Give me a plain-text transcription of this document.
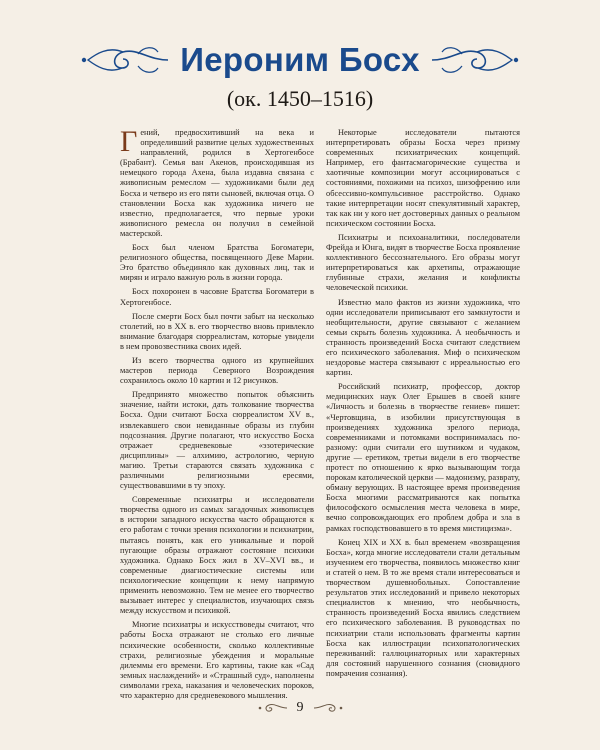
Иероним Босх
(ок. 1450–1516)

Гений, предвосхитивший на века и определивший развитие целых художественных направлений, родился в Хертогенбосе (Брабант). Семья ван Акенов, происходившая из немецкого города Ахена, была издавна связана с живописным ремеслом — художниками были дед Босха и четверо из его пяти сыновей, включая отца. О становлении Босха как художника ничего не известно, предполагается, что первые уроки живописного ремесла он получил в семейной мастерской.

Босх был членом Братства Богоматери, религиозного общества, посвященного Деве Марии. Это братство объединяло как духовных лиц, так и мирян и играло важную роль в жизни города.

Босх похоронен в часовне Братства Богоматери в Хертогенбосе.

После смерти Босх был почти забыт на несколько столетий, но в XX в. его творчество вновь привлекло внимание благодаря сюрреалистам, которые увидели в нем провозвестника своих идей.

Из всего творчества одного из крупнейших мастеров периода Северного Возрождения сохранилось около 10 картин и 12 рисунков.

Предпринято множество попыток объяснить значение, найти истоки, дать толкование творчества Босха. Одни считают Босха сюрреалистом XV в., извлекавшего свои невиданные образы из глубин подсознания. Другие полагают, что искусство Босха отражает средневековые «эзотерические дисциплины» — алхимию, астрологию, черную магию. Третьи стараются связать художника с различными религиозными ересями, существовавшими в ту эпоху.

Современные психиатры и исследователи творчества одного из самых загадочных живописцев в истории западного искусства часто обращаются к его работам с точки зрения психологии и психиатрии, пытаясь понять, как его уникальные и порой пугающие образы отражают состояние психики художника. Однако Босх жил в XV–XVI вв., и современные диагностические системы или психологические концепции к нему напрямую применить невозможно. Тем не менее его творчество вызывает интерес у специалистов, изучающих связь между искусством и психикой.

Многие психиатры и искусствоведы считают, что работы Босха отражают не столько его личные психические особенности, сколько коллективные страхи, религиозные убеждения и моральные дилеммы его времени. Его картины, такие как «Сад земных наслаждений» и «Страшный суд», наполнены символами греха, наказания и человеческих пороков, что характерно для средневекового мышления.

Некоторые исследователи пытаются интерпретировать образы Босха через призму современных психиатрических концепций. Например, его фантасмагорические существа и хаотичные композиции могут ассоциироваться с состояниями, похожими на психоз, шизофрению или обсессивно-компульсивное расстройство. Однако такие интерпретации носят спекулятивный характер, так как ни у кого нет достоверных данных о реальном психическом состоянии Босха.

Психиатры и психоаналитики, последователи Фрейда и Юнга, видят в творчестве Босха проявление коллективного бессознательного. Его образы могут интерпретироваться как архетипы, отражающие глубинные страхи, желания и конфликты человеческой психики.

Известно мало фактов из жизни художника, что одни исследователи приписывают его замкнутости и необщительности, другие связывают с желанием семьи скрыть болезнь художника. А необычность и странность произведений Босха считают следствием его психического заболевания. Миф о психическом нездоровье мастера связывают с ирреальностью его картин.

Российский психиатр, профессор, доктор медицинских наук Олег Ерышев в своей книге «Личность и болезнь в творчестве гениев» пишет: «Чертовщина, в изобилии присутствующая в произведениях художника зрелого периода, современниками и потомками воспринималась по-разному: одни считали его шутником и чудаком, другие — еретиком, третьи видели в его творчестве протест по отношению к ярко вызывающим тогда порокам католической церкви — мадонизму, разврату, обману верующих. В настоящее время произведения Босха многими рассматриваются как попытка философского осмысления места человека в мире, вечно сопровождающих его проблем добра и зла в рамках господствовавшего в то время мистицизма».

Конец XIX и XX в. был временем «возвращения Босха», когда многие исследователи стали детальным изучением его творчества, появилось множество книг и статей о нем. В то же время стали интересоваться и творчеством душевнобольных. Сопоставление результатов этих исследований и привело некоторых специалистов к мнению, что необычность, странность произведений Босха явились следствием его психического заболевания. В руководствах по психиатрии стали использовать фрагменты картин Босха как иллюстрации психопатологических переживаний: галлюцинаторных или характерных для состояний нарушенного сознания (сновидного помрачения сознания).

9
